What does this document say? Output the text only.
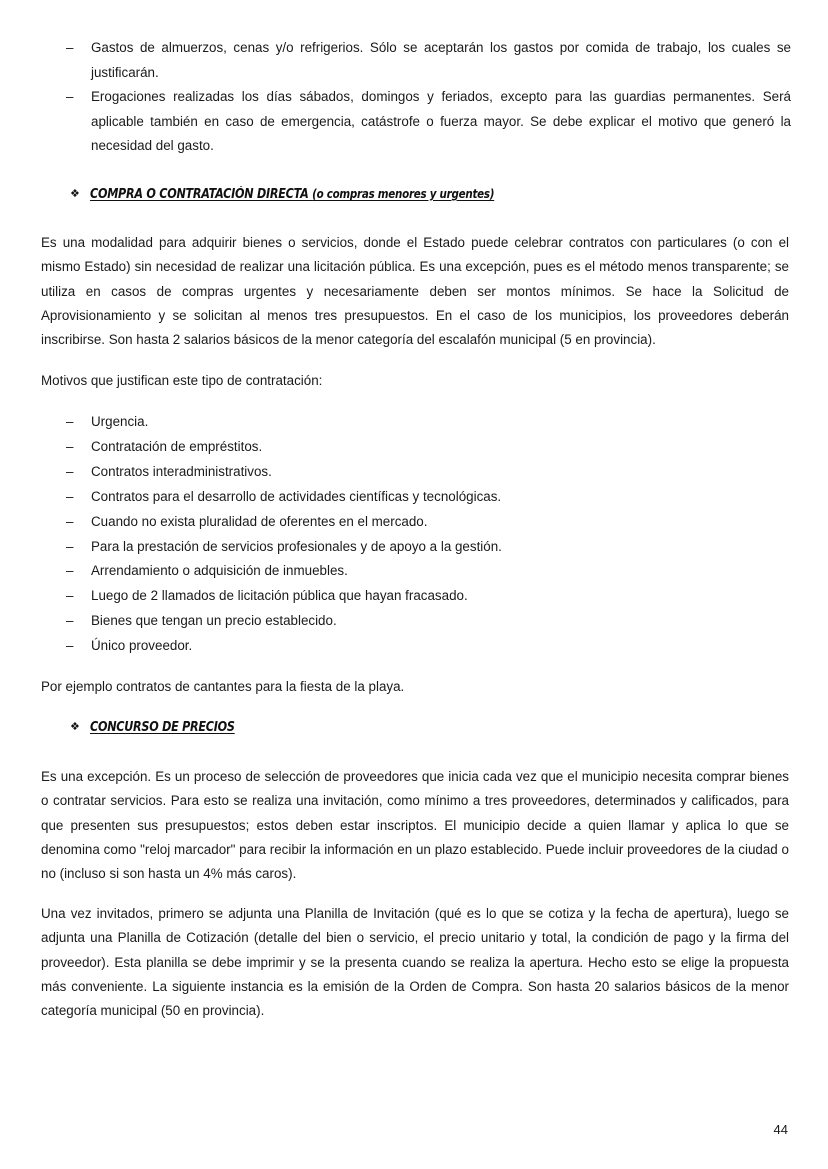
– Gastos de almuerzos, cenas y/o refrigerios. Sólo se aceptarán los gastos por comida de trabajo, los cuales se justificarán.
– Erogaciones realizadas los días sábados, domingos y feriados, excepto para las guardias permanentes. Será aplicable también en caso de emergencia, catástrofe o fuerza mayor. Se debe explicar el motivo que generó la necesidad del gasto.
❖ COMPRA O CONTRATACIÓN DIRECTA (o compras menores y urgentes)

Es una modalidad para adquirir bienes o servicios, donde el Estado puede celebrar contratos con particulares (o con el mismo Estado) sin necesidad de realizar una licitación pública. Es una excepción, pues es el método menos transparente; se utiliza en casos de compras urgentes y necesariamente deben ser montos mínimos. Se hace la Solicitud de Aprovisionamiento y se solicitan al menos tres presupuestos. En el caso de los municipios, los proveedores deberán inscribirse. Son hasta 2 salarios básicos de la menor categoría del escalafón municipal (5 en provincia).

Motivos que justifican este tipo de contratación:

– Urgencia.
– Contratación de empréstitos.
– Contratos interadministrativos.
– Contratos para el desarrollo de actividades científicas y tecnológicas.
– Cuando no exista pluralidad de oferentes en el mercado.
– Para la prestación de servicios profesionales y de apoyo a la gestión.
– Arrendamiento o adquisición de inmuebles.
– Luego de 2 llamados de licitación pública que hayan fracasado.
– Bienes que tengan un precio establecido.
– Único proveedor.

Por ejemplo contratos de cantantes para la fiesta de la playa.

❖ CONCURSO DE PRECIOS

Es una excepción. Es un proceso de selección de proveedores que inicia cada vez que el municipio necesita comprar bienes o contratar servicios. Para esto se realiza una invitación, como mínimo a tres proveedores, determinados y calificados, para que presenten sus presupuestos; estos deben estar inscriptos. El municipio decide a quien llamar y aplica lo que se denomina como "reloj marcador" para recibir la información en un plazo establecido. Puede incluir proveedores de la ciudad o no (incluso si son hasta un 4% más caros).

Una vez invitados, primero se adjunta una Planilla de Invitación (qué es lo que se cotiza y la fecha de apertura), luego se adjunta una Planilla de Cotización (detalle del bien o servicio, el precio unitario y total, la condición de pago y la firma del proveedor). Esta planilla se debe imprimir y se la presenta cuando se realiza la apertura. Hecho esto se elige la propuesta más conveniente. La siguiente instancia es la emisión de la Orden de Compra. Son hasta 20 salarios básicos de la menor categoría municipal (50 en provincia).

44
